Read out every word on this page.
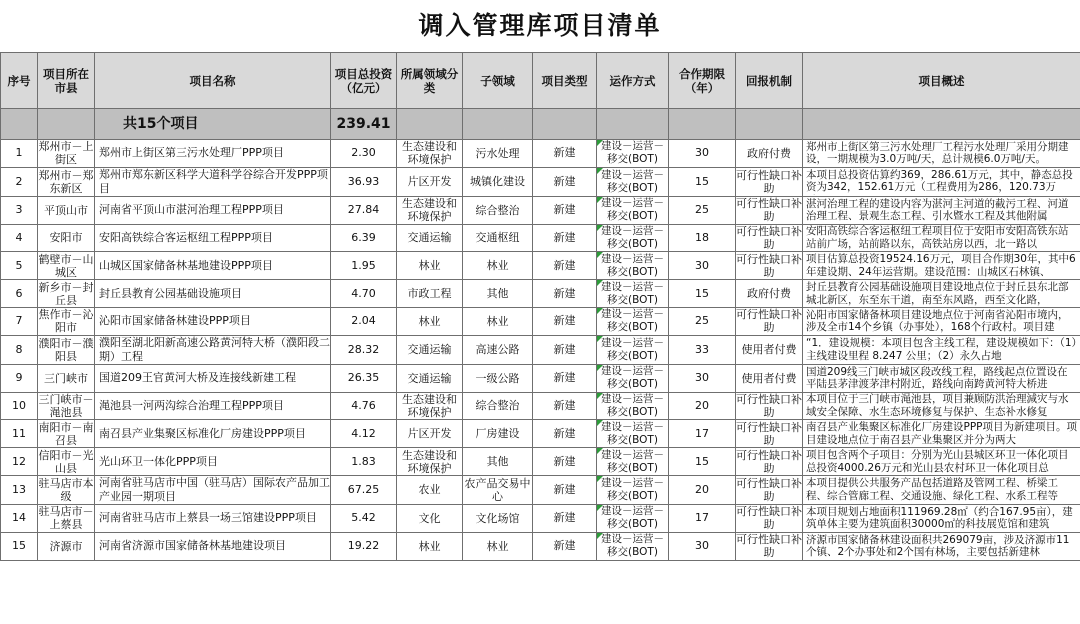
调入管理库项目清单
序号	项目所在市县	项目名称	项目总投资（亿元）	所属领域分类	子领域	项目类型	运作方式	合作期限（年）	回报机制	项目概述
		共15个项目	239.41							
1	郑州市－上街区	郑州市上街区第三污水处理厂PPP项目	2.30	生态建设和环境保护	污水处理	新建	建设－运营－移交(BOT)	30	政府付费	郑州市上街区第三污水处理厂工程污水处理厂采用分期建设，一期规模为3.0万吨/天，总计规模6.0万吨/天。

2	郑州市－郑东新区	郑州市郑东新区科学大道科学谷综合开发PPP项目	36.93	片区开发	城镇化建设	新建	建设－运营－移交(BOT)	15	可行性缺口补助	本项目总投资估算约369，286.61万元，其中，静态总投资为342，152.61万元（工程费用为286，120.73万

3	平顶山市	河南省平顶山市湛河治理工程PPP项目	27.84	生态建设和环境保护	综合整治	新建	建设－运营－移交(BOT)	25	可行性缺口补助	湛河治理工程的建设内容为湛河主河道的截污工程、河道治理工程、景观生态工程、引水暨水工程及其他附属

4	安阳市	安阳高铁综合客运枢纽工程PPP项目	6.39	交通运输	交通枢纽	新建	建设－运营－移交(BOT)	18	可行性缺口补助	安阳高铁综合客运枢纽工程项目位于安阳市安阳高铁东站站前广场，站前路以东，高铁站房以西，北一路以

5	鹤壁市－山城区	山城区国家储备林基地建设PPP项目	1.95	林业	林业	新建	建设－运营－移交(BOT)	30	可行性缺口补助	项目估算总投资19524.16万元，项目合作期30年，其中6年建设期、24年运营期。建设范围：山城区石林镇、

6	新乡市－封丘县	封丘县教育公园基础设施项目	4.70	市政工程	其他	新建	建设－运营－移交(BOT)	15	政府付费	封丘县教育公园基础设施项目建设地点位于封丘县东北部城北新区，东至东干道，南至东风路，西至文化路，

7	焦作市－沁阳市	沁阳市国家储备林建设PPP项目	2.04	林业	林业	新建	建设－运营－移交(BOT)	25	可行性缺口补助	沁阳市国家储备林项目建设地点位于河南省沁阳市境内，涉及全市14个乡镇（办事处），168个行政村。项目建

8	濮阳市－濮阳县	濮阳至湖北阳新高速公路黄河特大桥（濮阳段二期）工程	28.32	交通运输	高速公路	新建	建设－运营－移交(BOT)	33	使用者付费	“1．建设规模：本项目包含主线工程，建设规模如下：（1）主线建设里程 8.247 公里；（2）永久占地

9	三门峡市	国道209王官黄河大桥及连接线新建工程	26.35	交通运输	一级公路	新建	建设－运营－移交(BOT)	30	使用者付费	国道209线三门峡市城区段改线工程，路线起点位置设在平陆县茅津渡茅津村附近，路线向南跨黄河特大桥进

10	三门峡市－渑池县	渑池县一河两沟综合治理工程PPP项目	4.76	生态建设和环境保护	综合整治	新建	建设－运营－移交(BOT)	20	可行性缺口补助	本项目位于三门峡市渑池县，项目兼顾防洪治理減灾与水域安全保障、水生态环境修复与保护、生态补水修复

11	南阳市－南召县	南召县产业集聚区标准化厂房建设PPP项目	4.12	片区开发	厂房建设	新建	建设－运营－移交(BOT)	17	可行性缺口补助	南召县产业集聚区标准化厂房建设PPP项目为新建项目。项目建设地点位于南召县产业集聚区并分为两大

12	信阳市－光山县	光山环卫一体化PPP项目	1.83	生态建设和环境保护	其他	新建	建设－运营－移交(BOT)	15	可行性缺口补助	项目包含两个子项目：分别为光山县城区环卫一体化项目总投资4000.26万元和光山县农村环卫一体化项目总

13	驻马店市本级	河南省驻马店市中国（驻马店）国际农产品加工产业园一期项目	67.25	农业	农产品交易中心	新建	建设－运营－移交(BOT)	20	可行性缺口补助	本项目提供公共服务产品包括道路及管网工程、桥梁工程、综合管廊工程、交通设施、绿化工程、水系工程等

14	驻马店市－上蔡县	河南省驻马店市上蔡县一场三馆建设PPP项目	5.42	文化	文化场馆	新建	建设－运营－移交(BOT)	17	可行性缺口补助	本项目规划占地面积111969.28㎡（约合167.95亩），建筑单体主要为建筑面积30000㎡的科技展览馆和建筑

15	济源市	河南省济源市国家储备林基地建设项目	19.22	林业	林业	新建	建设－运营－移交(BOT)	30	可行性缺口补助	济源市国家储备林建设面积共269079亩，涉及济源市11个镇、2个办事处和2个国有林场，主要包括新建林
